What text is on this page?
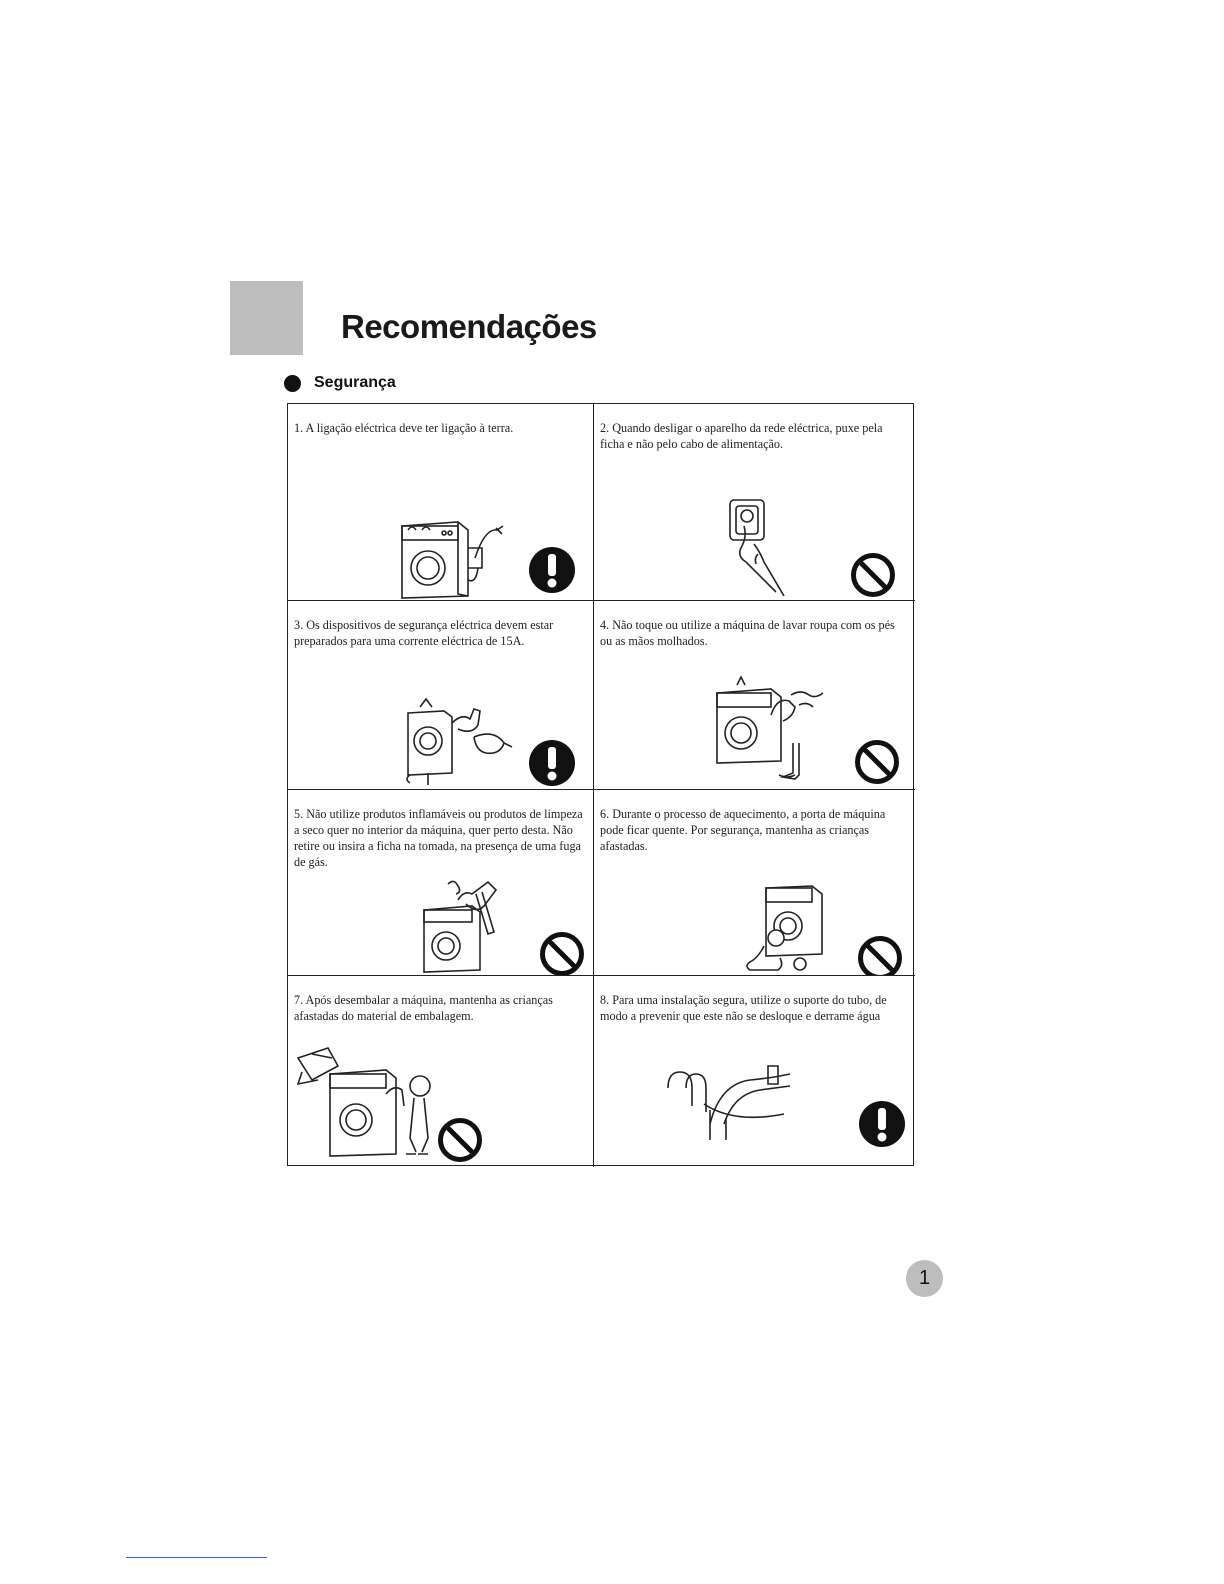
Recomendações
Segurança

1. A ligação eléctrica deve ter ligação à terra.	2. Quando desligar o aparelho da rede eléctrica, puxe pela ficha e não pelo cabo de alimentação.

3. Os dispositivos de segurança eléctrica devem estar preparados para uma corrente eléctrica de 15A.

4. Não toque ou utilize a máquina de lavar roupa com os pés ou as mãos molhados.

5. Não utilize produtos inflamáveis ou produtos de limpeza a seco quer no interior da máquina, quer perto desta. Não retire ou insira a ficha na tomada, na presença de uma fuga de gás.

6. Durante o processo de aquecimento, a porta de máquina pode ficar quente. Por segurança, mantenha as crianças afastadas.

7. Após desembalar a máquina, mantenha as crianças afastadas do material de embalagem.

8. Para uma instalação segura, utilize o suporte do tubo, de modo a prevenir que este não se desloque e derrame água

1
